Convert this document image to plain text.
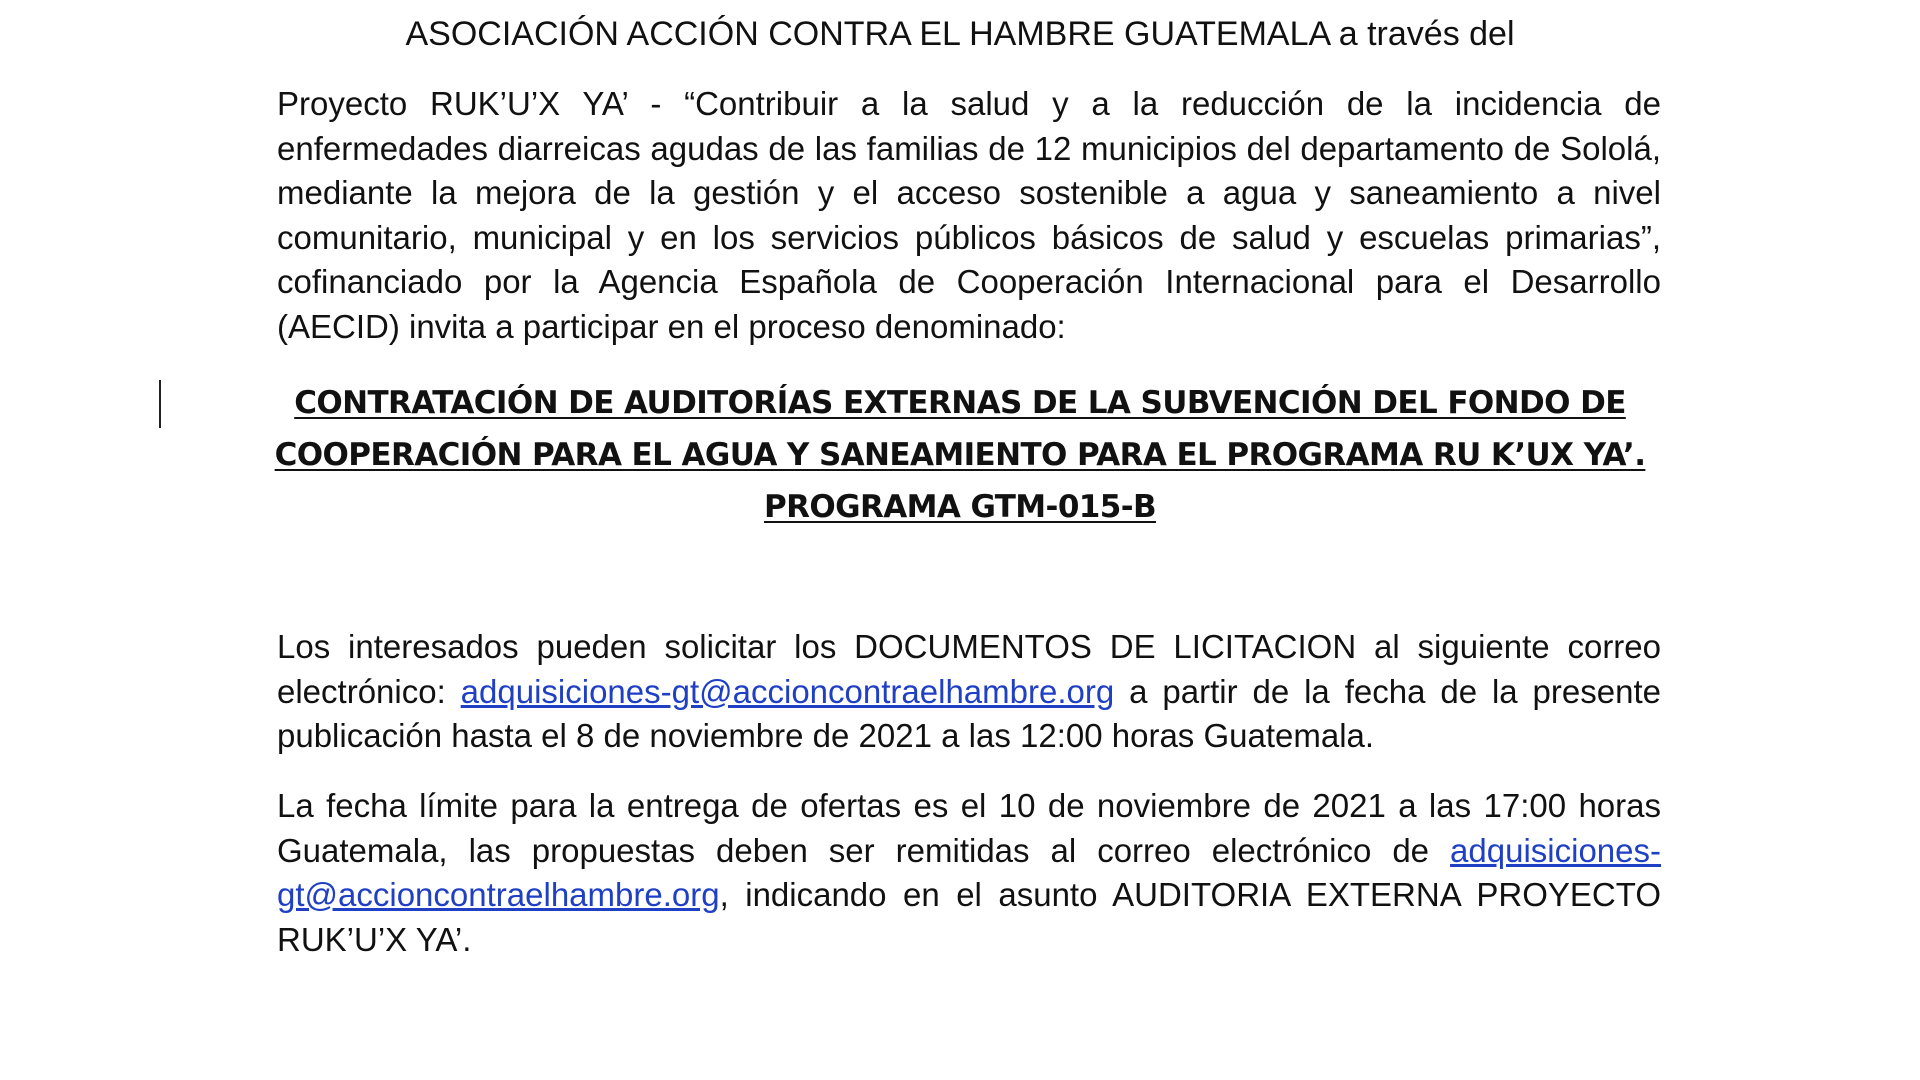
ASOCIACIÓN ACCIÓN CONTRA EL HAMBRE GUATEMALA a través del

Proyecto RUK’U’X YA’ - “Contribuir a la salud y a la reducción de la incidencia de enfermedades diarreicas agudas de las familias de 12 municipios del departamento de Sololá, mediante la mejora de la gestión y el acceso sostenible a agua y saneamiento a nivel comunitario, municipal y en los servicios públicos básicos de salud y escuelas primarias”, cofinanciado por la Agencia Española de Cooperación Internacional para el Desarrollo (AECID) invita a participar en el proceso denominado:

CONTRATACIÓN DE AUDITORÍAS EXTERNAS DE LA SUBVENCIÓN DEL FONDO DE
COOPERACIÓN PARA EL AGUA Y SANEAMIENTO PARA EL PROGRAMA RU K’UX YA’.
PROGRAMA GTM-015-B

Los interesados pueden solicitar los DOCUMENTOS DE LICITACION al siguiente correo electrónico: adquisiciones-gt@accioncontraelhambre.org a partir de la fecha de la presente publicación hasta el 8 de noviembre de 2021 a las 12:00 horas Guatemala.

La fecha límite para la entrega de ofertas es el 10 de noviembre de 2021 a las 17:00 horas Guatemala, las propuestas deben ser remitidas al correo electrónico de adquisiciones-gt@accioncontraelhambre.org, indicando en el asunto AUDITORIA EXTERNA PROYECTO RUK’U’X YA’.
